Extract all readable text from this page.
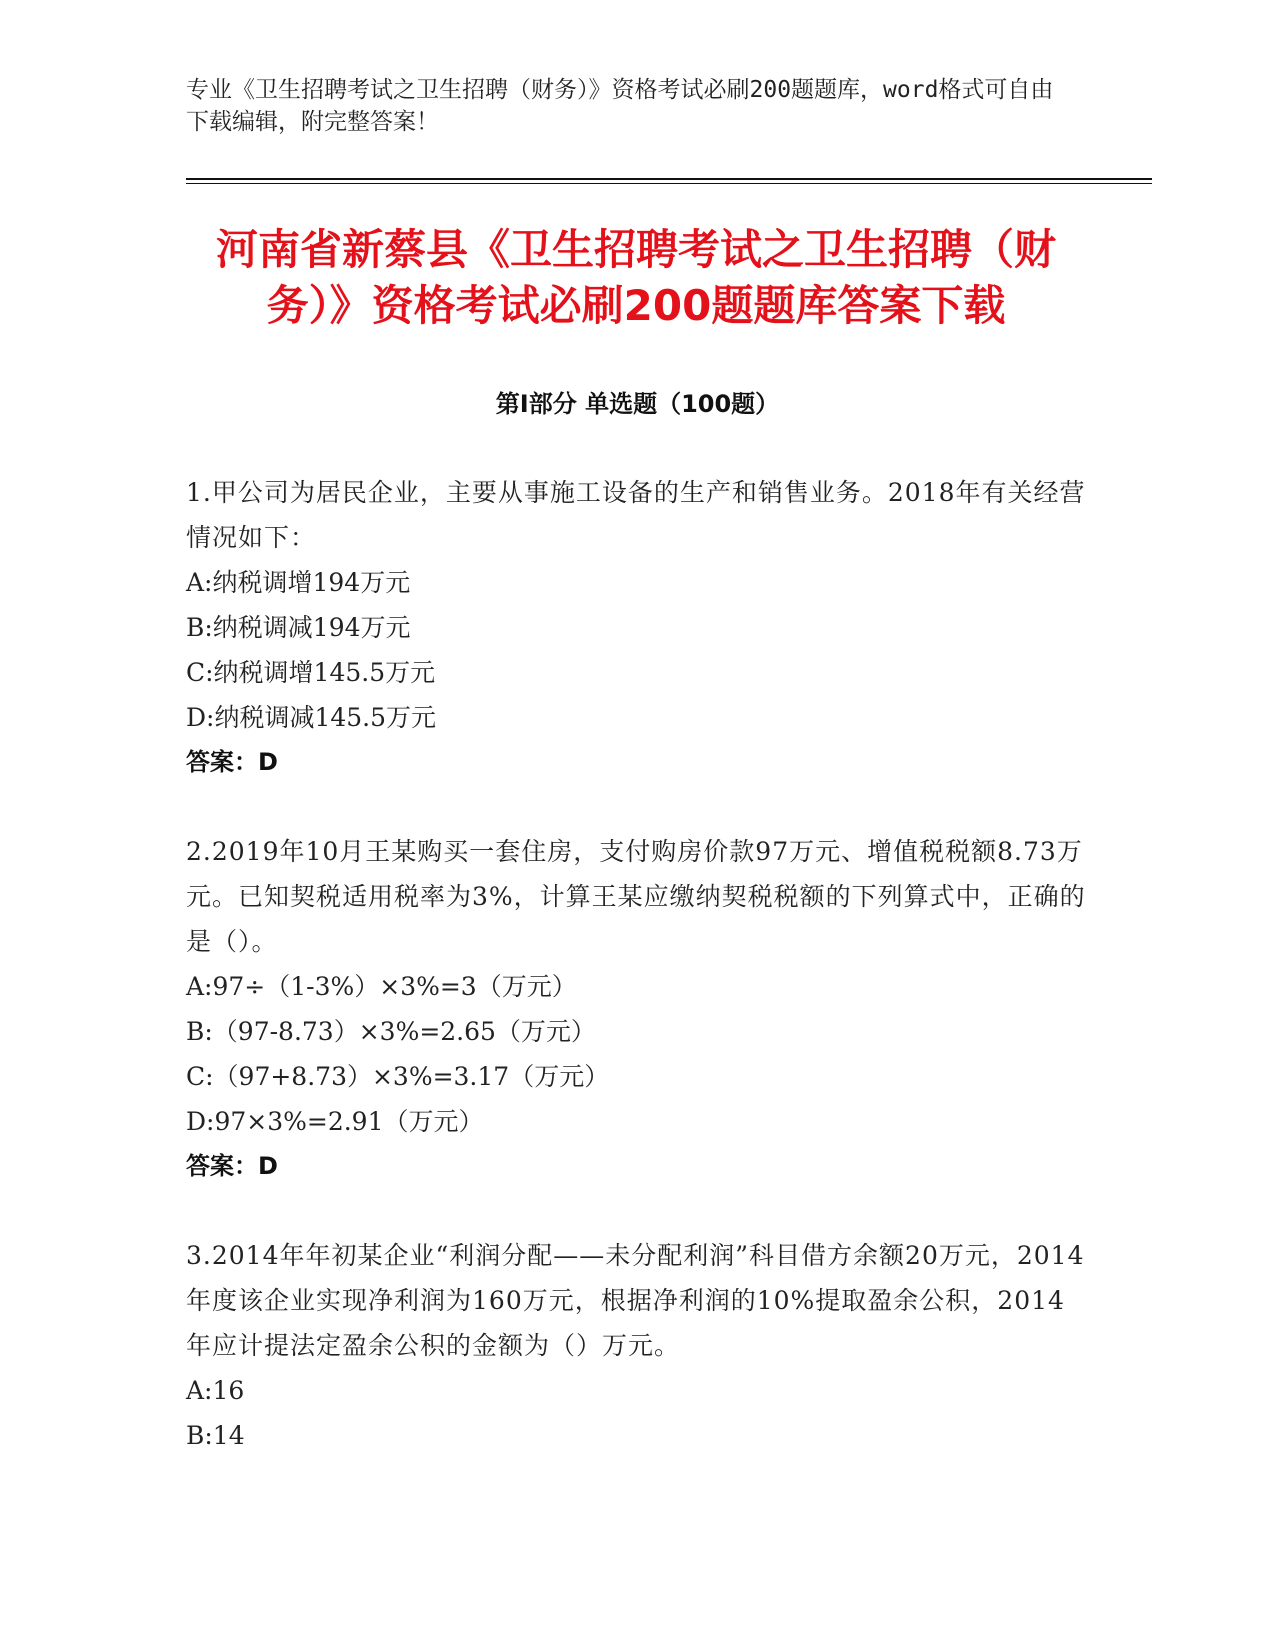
专业《卫生招聘考试之卫生招聘（财务）》资格考试必刷200题题库，word格式可自由下载编辑，附完整答案！
河南省新蔡县《卫生招聘考试之卫生招聘（财务）》资格考试必刷200题题库答案下载
第I部分 单选题（100题）
1.甲公司为居民企业，主要从事施工设备的生产和销售业务。2018年有关经营情况如下：
A:纳税调增194万元
B:纳税调减194万元
C:纳税调增145.5万元
D:纳税调减145.5万元
答案：D
2.2019年10月王某购买一套住房，支付购房价款97万元、增值税税额8.73万元。已知契税适用税率为3%，计算王某应缴纳契税税额的下列算式中，正确的是（）。
A:97÷（1-3%）×3%=3（万元）
B:（97-8.73）×3%=2.65（万元）
C:（97+8.73）×3%=3.17（万元）
D:97×3%=2.91（万元）
答案：D
3.2014年年初某企业“利润分配——未分配利润”科目借方余额20万元，2014年度该企业实现净利润为160万元，根据净利润的10%提取盈余公积，2014年应计提法定盈余公积的金额为（）万元。
A:16
B:14
